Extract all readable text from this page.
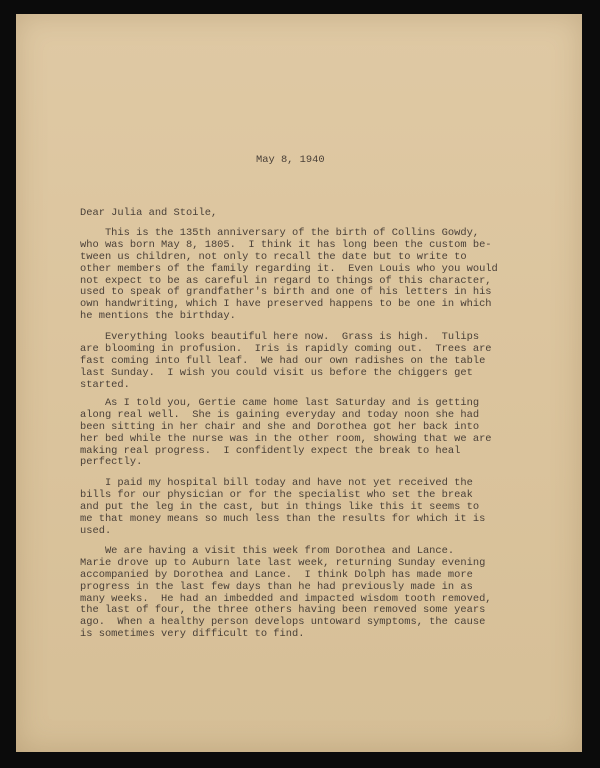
May 8, 1940
Dear Julia and Stoile,
This is the 135th anniversary of the birth of Collins Gowdy,
who was born May 8, 1805.  I think it has long been the custom be-
tween us children, not only to recall the date but to write to
other members of the family regarding it.  Even Louis who you would
not expect to be as careful in regard to things of this character,
used to speak of grandfather's birth and one of his letters in his
own handwriting, which I have preserved happens to be one in which
he mentions the birthday.
Everything looks beautiful here now.  Grass is high.  Tulips
are blooming in profusion.  Iris is rapidly coming out.  Trees are
fast coming into full leaf.  We had our own radishes on the table
last Sunday.  I wish you could visit us before the chiggers get
started.
As I told you, Gertie came home last Saturday and is getting
along real well.  She is gaining everyday and today noon she had
been sitting in her chair and she and Dorothea got her back into
her bed while the nurse was in the other room, showing that we are
making real progress.  I confidently expect the break to heal
perfectly.
I paid my hospital bill today and have not yet received the
bills for our physician or for the specialist who set the break
and put the leg in the cast, but in things like this it seems to
me that money means so much less than the results for which it is
used.
We are having a visit this week from Dorothea and Lance.
Marie drove up to Auburn late last week, returning Sunday evening
accompanied by Dorothea and Lance.  I think Dolph has made more
progress in the last few days than he had previously made in as
many weeks.  He had an imbedded and impacted wisdom tooth removed,
the last of four, the three others having been removed some years
ago.  When a healthy person develops untoward symptoms, the cause
is sometimes very difficult to find.
